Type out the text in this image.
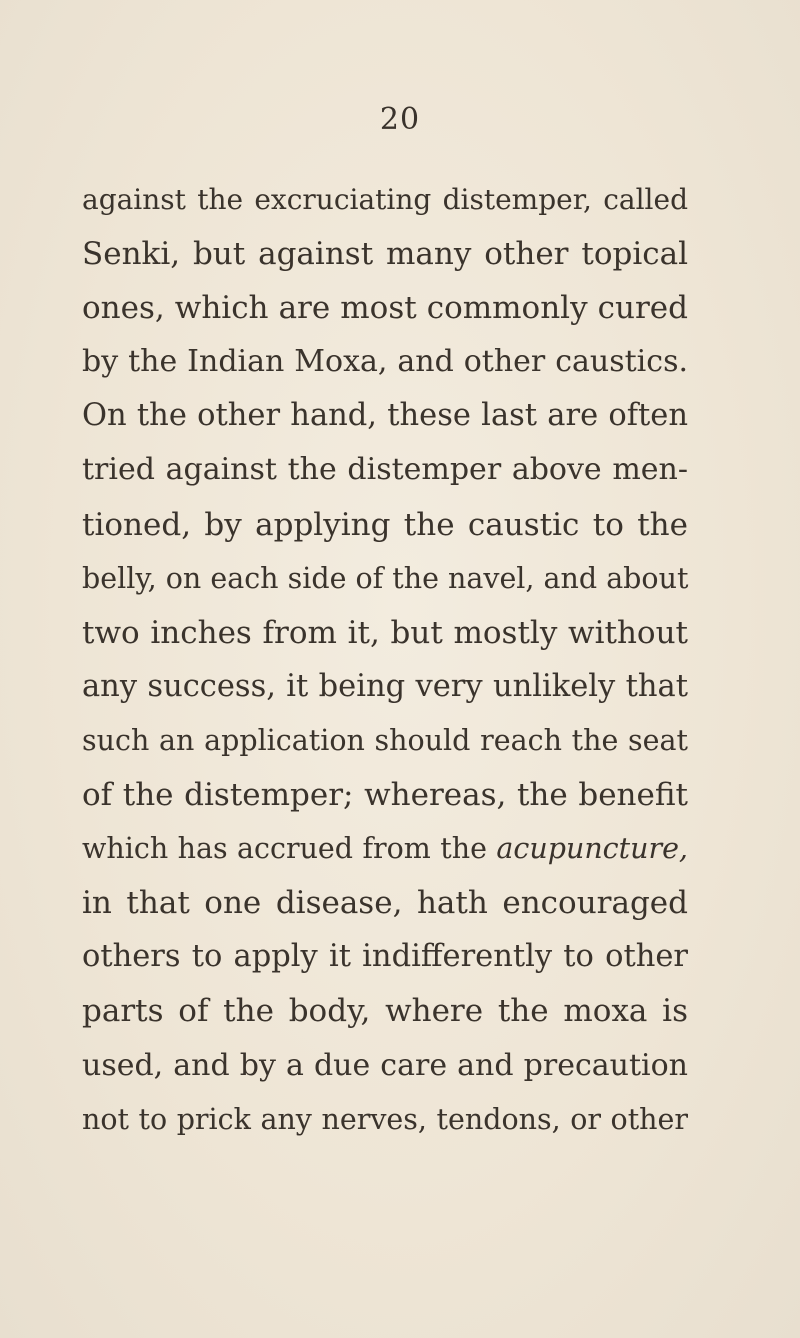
20
against the excruciating distemper, called
Senki, but against many other topical
ones, which are most commonly cured
by the Indian Moxa, and other caustics.
On the other hand, these last are often
tried against the distemper above men-
tioned, by applying the caustic to the
belly, on each side of the navel, and about
two inches from it, but mostly without
any success, it being very unlikely that
such an application should reach the seat
of the distemper; whereas, the benefit
which has accrued from the acupuncture,
in that one disease, hath encouraged
others to apply it indifferently to other
parts of the body, where the moxa is
used, and by a due care and precaution
not to prick any nerves, tendons, or other
